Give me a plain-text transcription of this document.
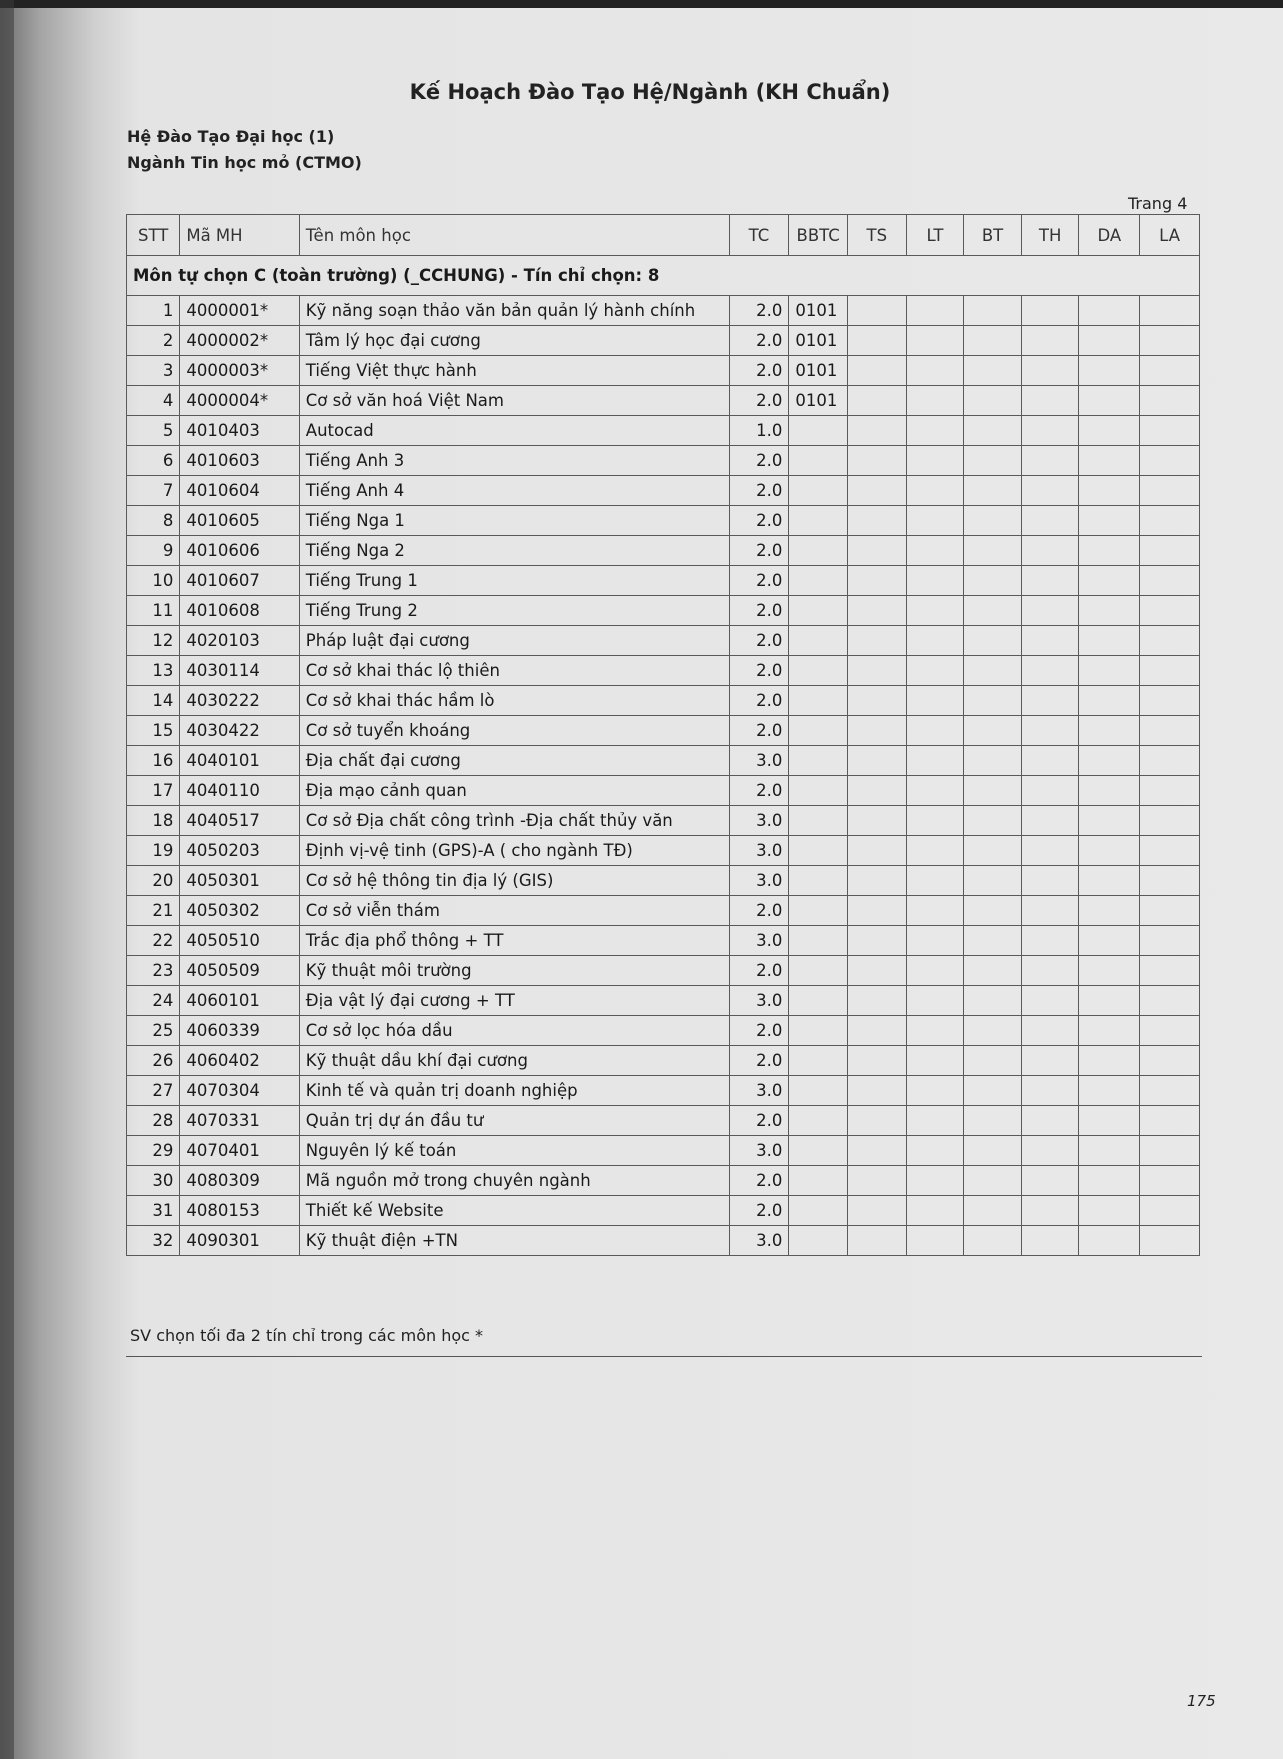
Kế Hoạch Đào Tạo Hệ/Ngành (KH Chuẩn)
Hệ Đào Tạo Đại học (1)
Ngành Tin học mỏ (CTMO)
Trang 4
STT	Mã MH	Tên môn học	TC	BBTC	TS	LT	BT	TH	DA	LA
Môn tự chọn C (toàn trường) (_CCHUNG) - Tín chỉ chọn: 8										
1	4000001*	Kỹ năng soạn thảo văn bản quản lý hành chính	2.0	0101						
2	4000002*	Tâm lý học đại cương	2.0	0101						
3	4000003*	Tiếng Việt thực hành	2.0	0101						
4	4000004*	Cơ sở văn hoá Việt Nam	2.0	0101						
5	4010403	Autocad	1.0							
6	4010603	Tiếng Anh 3	2.0							
7	4010604	Tiếng Anh 4	2.0							
8	4010605	Tiếng Nga 1	2.0							
9	4010606	Tiếng Nga 2	2.0							
10	4010607	Tiếng Trung 1	2.0							
11	4010608	Tiếng Trung 2	2.0							
12	4020103	Pháp luật đại cương	2.0							
13	4030114	Cơ sở khai thác lộ thiên	2.0							
14	4030222	Cơ sở khai thác hầm lò	2.0							
15	4030422	Cơ sở tuyển khoáng	2.0							
16	4040101	Địa chất đại cương	3.0							
17	4040110	Địa mạo cảnh quan	2.0							
18	4040517	Cơ sở Địa chất công trình -Địa chất thủy văn	3.0							
19	4050203	Định vị-vệ tinh (GPS)-A ( cho ngành TĐ)	3.0							
20	4050301	Cơ sở hệ thông tin địa lý (GIS)	3.0							
21	4050302	Cơ sở viễn thám	2.0							
22	4050510	Trắc địa phổ thông + TT	3.0							
23	4050509	Kỹ thuật môi trường	2.0							
24	4060101	Địa vật lý đại cương + TT	3.0							
25	4060339	Cơ sở lọc hóa dầu	2.0							
26	4060402	Kỹ thuật dầu khí đại cương	2.0							
27	4070304	Kinh tế và quản trị doanh nghiệp	3.0							
28	4070331	Quản trị dự án đầu tư	2.0							
29	4070401	Nguyên lý kế toán	3.0							
30	4080309	Mã nguồn mở trong chuyên ngành	2.0							
31	4080153	Thiết kế Website	2.0							
32	4090301	Kỹ thuật điện +TN	3.0							
SV chọn tối đa 2 tín chỉ trong các môn học *
175
